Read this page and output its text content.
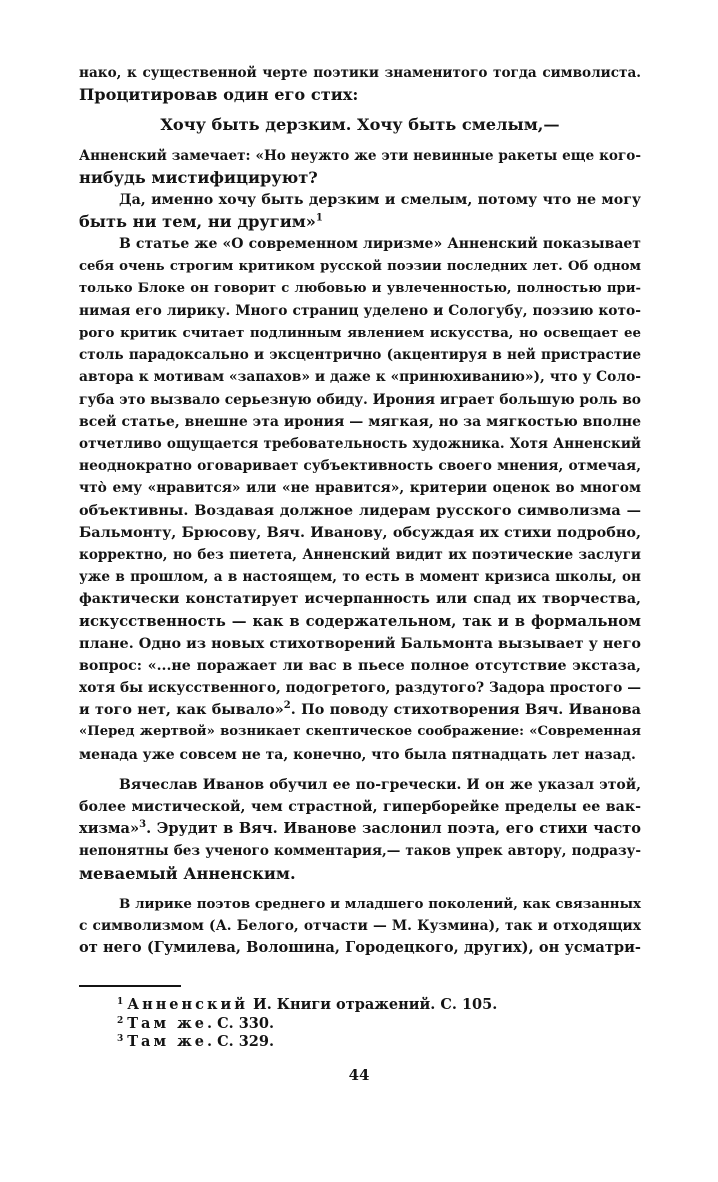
нако, к существенной черте поэтики знаменитого тогда символиста.
Процитировав один его стих:
Хочу быть дерзким. Хочу быть смелым,—
Анненский замечает: «Но неужто же эти невинные ракеты еще кого-
нибудь мистифицируют?
Да, именно хочу быть дерзким и смелым, потому что не могу
быть ни тем, ни другим»$^1$
В статье же «О современном лиризме» Анненский показывает
себя очень строгим критиком русской поэзии последних лет. Об одном
только Блоке он говорит с любовью и увлеченностью, полностью при-
нимая его лирику. Много страниц уделено и Сологубу, поэзию кото-
рого критик считает подлинным явлением искусства, но освещает ее
столь парадоксально и эксцентрично (акцентируя в ней пристрастие
автора к мотивам «запахов» и даже к «принюхиванию»), что у Соло-
губа это вызвало серьезную обиду. Ирония играет большую роль во
всей статье, внешне эта ирония — мягкая, но за мягкостью вполне
отчетливо ощущается требовательность художника. Хотя Анненский
неоднократно оговаривает субъективность своего мнения, отмечая,
что̀ ему «нравится» или «не нравится», критерии оценок во многом
объективны. Воздавая должное лидерам русского символизма —
Бальмонту, Брюсову, Вяч. Иванову, обсуждая их стихи подробно,
корректно, но без пиетета, Анненский видит их поэтические заслуги
уже в прошлом, а в настоящем, то есть в момент кризиса школы, он
фактически констатирует исчерпанность или спад их творчества,
искусственность — как в содержательном, так и в формальном
плане. Одно из новых стихотворений Бальмонта вызывает у него
вопрос: «...не поражает ли вас в пьесе полное отсутствие экстаза,
хотя бы искусственного, подогретого, раздутого? Задора простого —
и того нет, как бывало»$^2$. По поводу стихотворения Вяч. Иванова
«Перед жертвой» возникает скептическое соображение: «Современная
менада уже совсем не та, конечно, что была пятнадцать лет назад.
Вячеслав Иванов обучил ее по-гречески. И он же указал этой,
более мистической, чем страстной, гиперборейке пределы ее вак-
хизма»$^3$. Эрудит в Вяч. Иванове заслонил поэта, его стихи часто
непонятны без ученого комментария,— таков упрек автору, подразу-
меваемый Анненским.
В лирике поэтов среднего и младшего поколений, как связанных
с символизмом (А. Белого, отчасти — М. Кузмина), так и отходящих
от него (Гумилева, Волошина, Городецкого, других), он усматри-
$^1$ Анненский И. Книги отражений. С. 105.
$^2$ Там же. С. 330.
$^3$ Там же. С. 329.
44
